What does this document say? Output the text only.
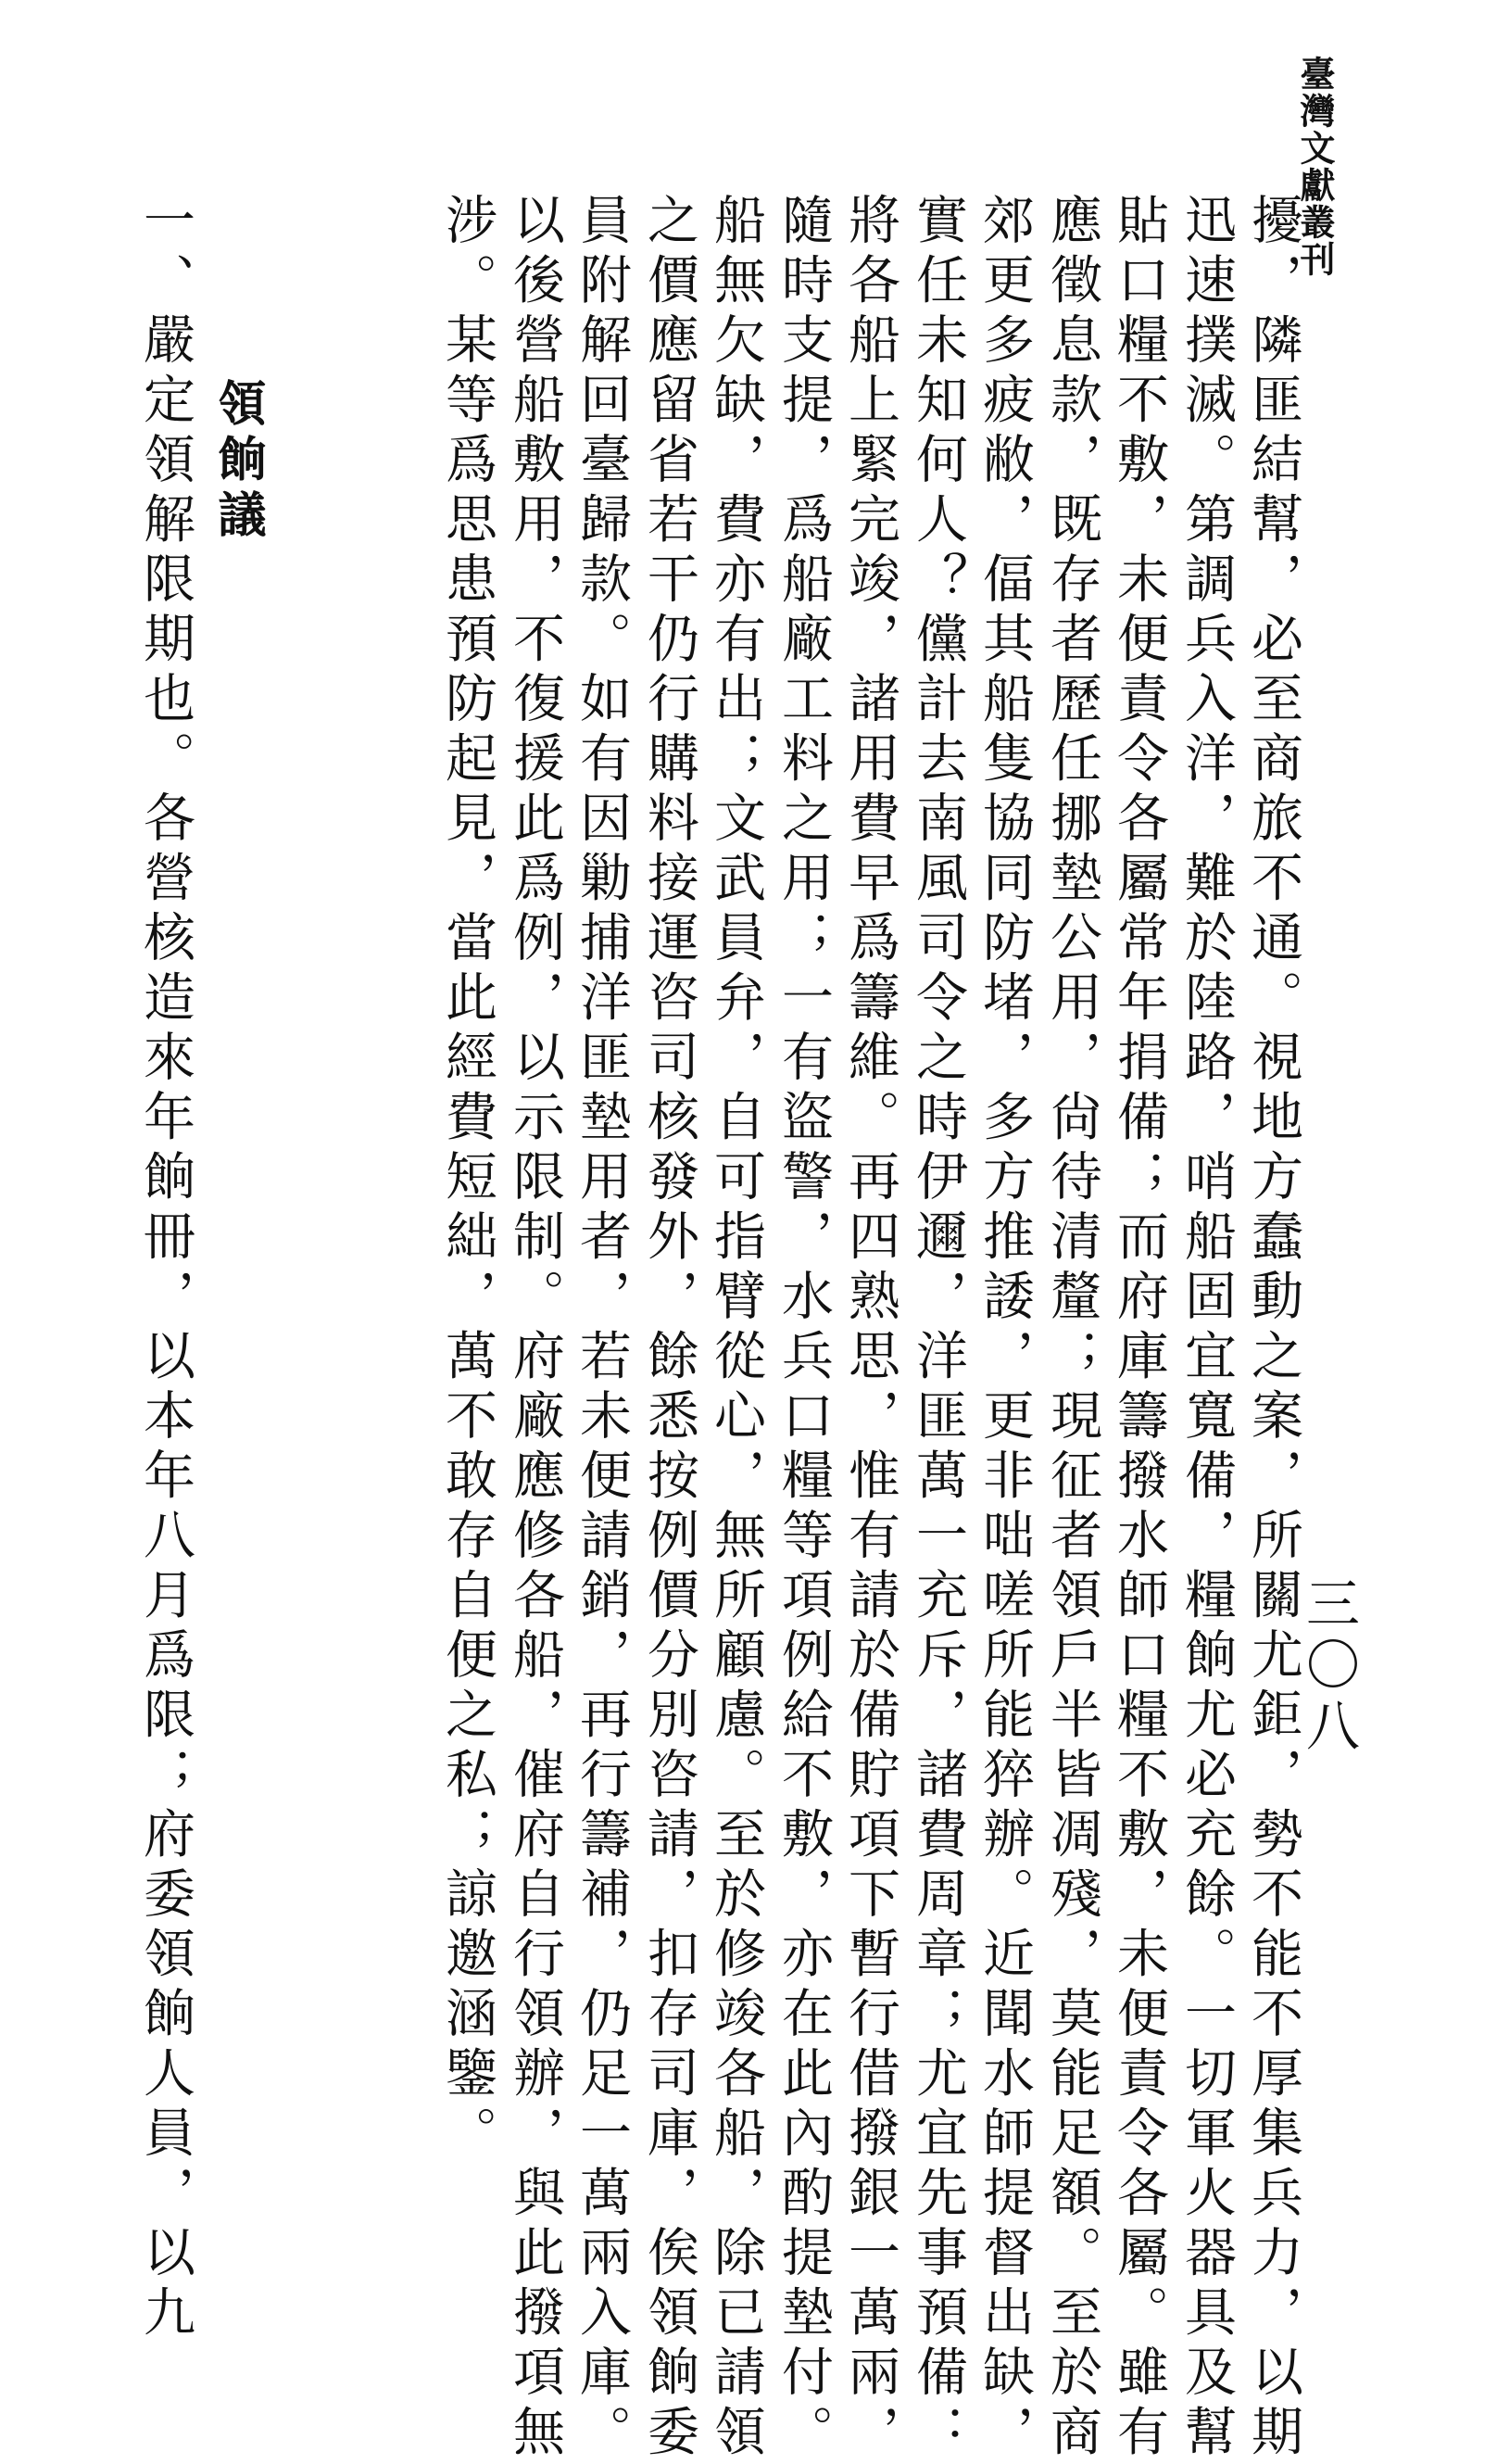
臺灣文獻叢刊
三〇八
擾，隣匪結幫，必至商旅不通。視地方蠢動之案，所關尤鉅，勢不能不厚集兵力，以期
迅速撲滅。第調兵入洋，難於陸路，哨船固宜寬備，糧餉尤必充餘。一切軍火器具及幫
貼口糧不敷，未便責令各屬常年捐備；而府庫籌撥水師口糧不敷，未便責令各屬。雖有
應徵息款，既存者歷任挪墊公用，尙待清釐；現征者領戶半皆凋殘，莫能足額。至於商
郊更多疲敝，偪其船隻協同防堵，多方推諉，更非咄嗟所能猝辦。近聞水師提督出缺，
實任未知何人？儻計去南風司令之時伊邇，洋匪萬一充斥，諸費周章；尤宜先事預備：
將各船上緊完竣，諸用費早爲籌維。再四熟思，惟有請於備貯項下暫行借撥銀一萬兩，
隨時支提，爲船廠工料之用；一有盜警，水兵口糧等項例給不敷，亦在此內酌提墊付。
船無欠缺，費亦有出；文武員弁，自可指臂從心，無所顧慮。至於修竣各船，除已請領
之價應留省若干仍行購料接運咨司核發外，餘悉按例價分別咨請，扣存司庫，俟領餉委
員附解回臺歸款。如有因勦捕洋匪墊用者，若未便請銷，再行籌補，仍足一萬兩入庫。
以後營船敷用，不復援此爲例，以示限制。府廠應修各船，催府自行領辦，與此撥項無
涉。某等爲思患預防起見，當此經費短絀，萬不敢存自便之私；諒邀涵鑒。
領餉議
一、嚴定領解限期也。各營核造來年餉冊，以本年八月爲限；府委領餉人員，以九
